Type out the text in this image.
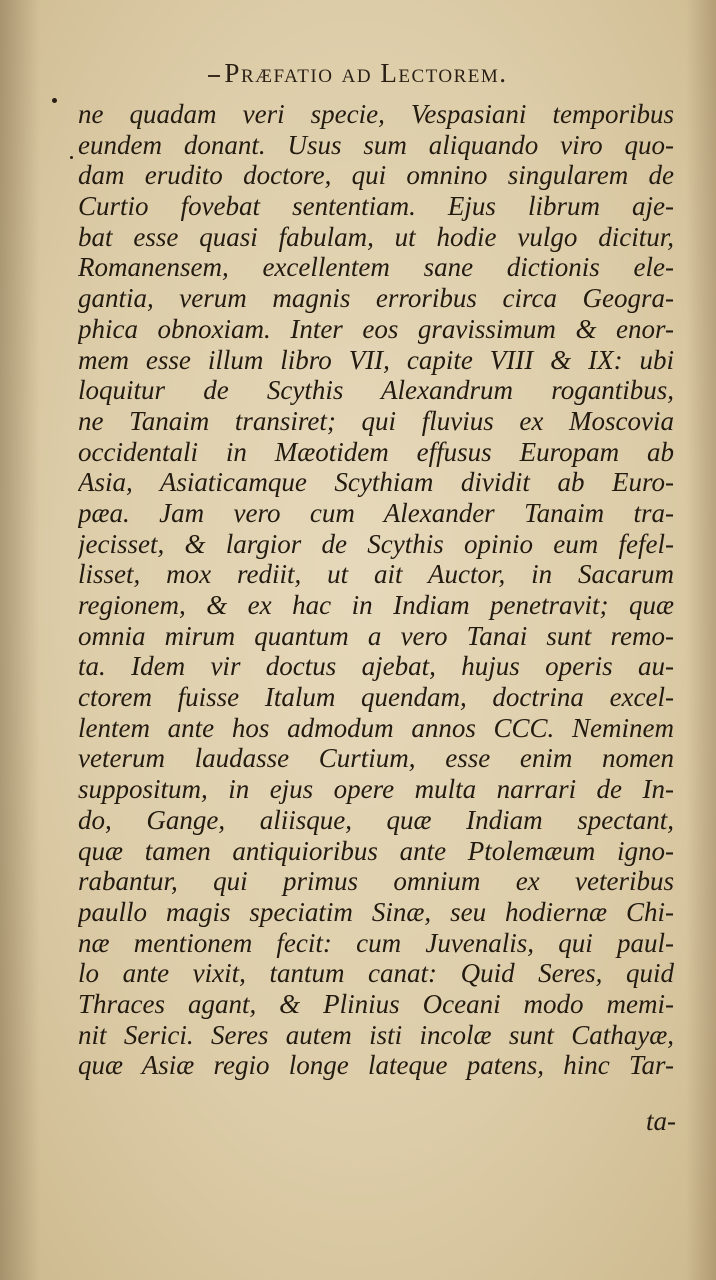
Præfatio ad Lectorem.
ne quadam veri specie, Vespasiani temporibus
eundem donant. Usus sum aliquando viro quo-
dam erudito doctore, qui omnino singularem de
Curtio fovebat sententiam. Ejus librum aje-
bat esse quasi fabulam, ut hodie vulgo dicitur,
Romanensem, excellentem sane dictionis ele-
gantia, verum magnis erroribus circa Geogra-
phica obnoxiam. Inter eos gravissimum & enor-
mem esse illum libro VII, capite VIII & IX: ubi
loquitur de Scythis Alexandrum rogantibus,
ne Tanaim transiret; qui fluvius ex Moscovia
occidentali in Mæotidem effusus Europam ab
Asia, Asiaticamque Scythiam dividit ab Euro-
pæa. Jam vero cum Alexander Tanaim tra-
jecisset, & largior de Scythis opinio eum fefel-
lisset, mox rediit, ut ait Auctor, in Sacarum
regionem, & ex hac in Indiam penetravit; quæ
omnia mirum quantum a vero Tanai sunt remo-
ta. Idem vir doctus ajebat, hujus operis au-
ctorem fuisse Italum quendam, doctrina excel-
lentem ante hos admodum annos CCC. Neminem
veterum laudasse Curtium, esse enim nomen
suppositum, in ejus opere multa narrari de In-
do, Gange, aliisque, quæ Indiam spectant,
quæ tamen antiquioribus ante Ptolemæum igno-
rabantur, qui primus omnium ex veteribus
paullo magis speciatim Sinæ, seu hodiernæ Chi-
næ mentionem fecit: cum Juvenalis, qui paul-
lo ante vixit, tantum canat: Quid Seres, quid
Thraces agant, & Plinius Oceani modo memi-
nit Serici. Seres autem isti incolæ sunt Cathayæ,
quæ Asiæ regio longe lateque patens, hinc Tar-
ta-
